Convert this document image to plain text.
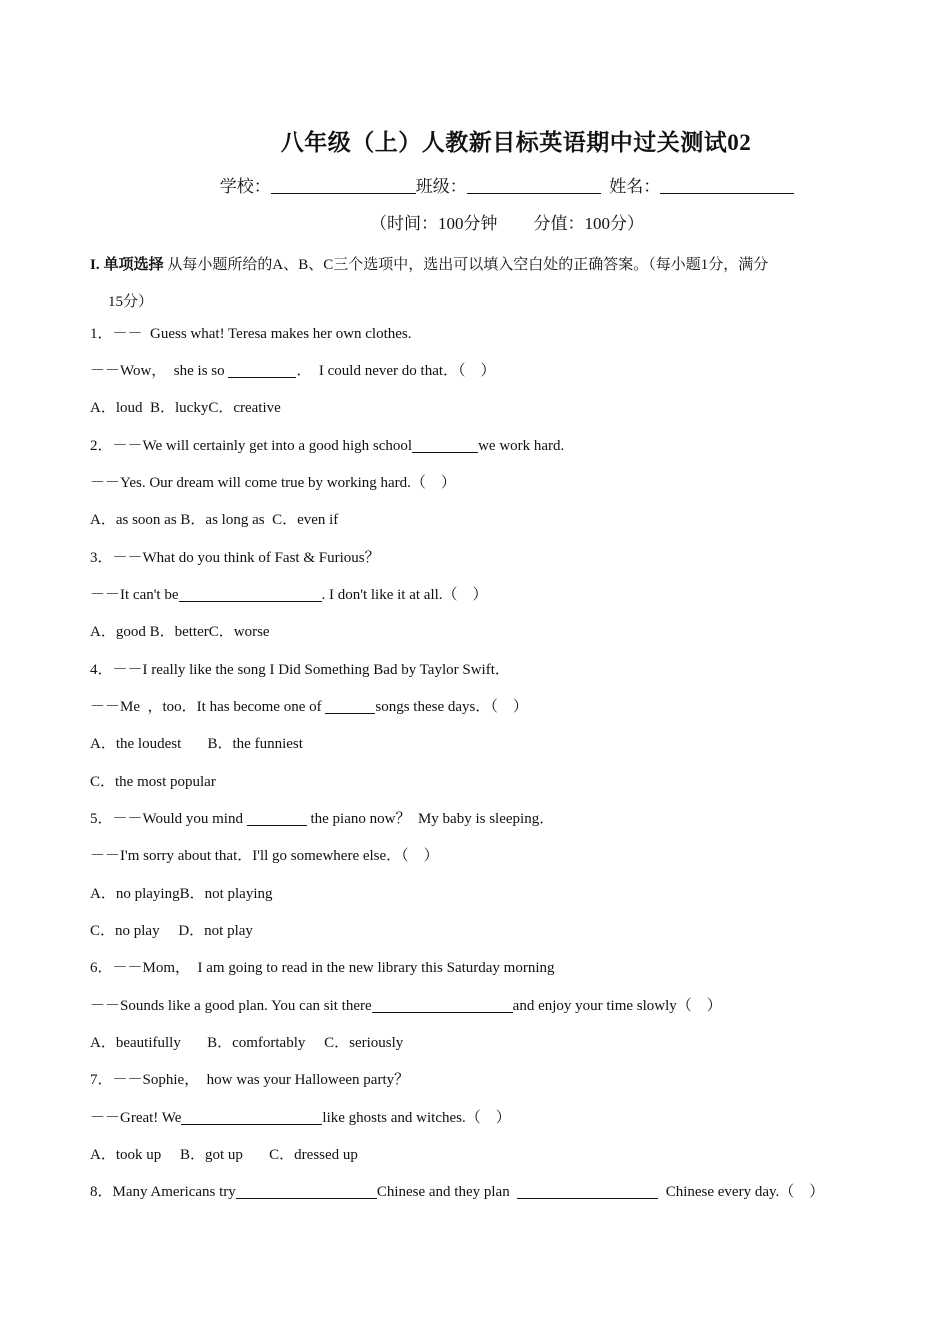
八年级（上）人教新目标英语期中过关测试02
学校：	班级：	姓名：
（时间：100分钟 分值：100分）
I. 单项选择 从每小题所给的A、B、C三个选项中，选出可以填入空白处的正确答案。（每小题1分，满分
15分）
1．－－  Guess what! Teresa makes her own clothes.
－－Wow，  she is so	．  I could never do that．（    ）
A．loud  B．luckyC．creative
2．－－We will certainly get into a good high school	we work hard.
－－Yes. Our dream will come true by working hard.（    ）
A．as soon as B．as long as  C．even if
3．－－What do you think of Fast & Furious？
－－It can't be	. I don't like it at all.（    ）
A．good B．betterC．worse
4．－－I really like the song I Did Something Bad by Taylor Swift．
－－Me  ，too．It has become one of	songs these days．（    ）
A．the loudest       B．the funniest
C．the most popular
5．－－Would you mind	the piano now？  My baby is sleeping．
－－I'm sorry about that．I'll go somewhere else．（    ）
A．no playingB．not playing
C．no play     D．not play
6．－－Mom，  I am going to read in the new library this Saturday morning
－－Sounds like a good plan. You can sit there	and enjoy your time slowly（    ）
A．beautifully       B．comfortably     C．seriously
7．－－Sophie，  how was your Halloween party？
－－Great! We	like ghosts and witches.（    ）
A．took up     B．got up       C．dressed up
8．Many Americans try	Chinese and they plan	Chinese every day.（    ）
